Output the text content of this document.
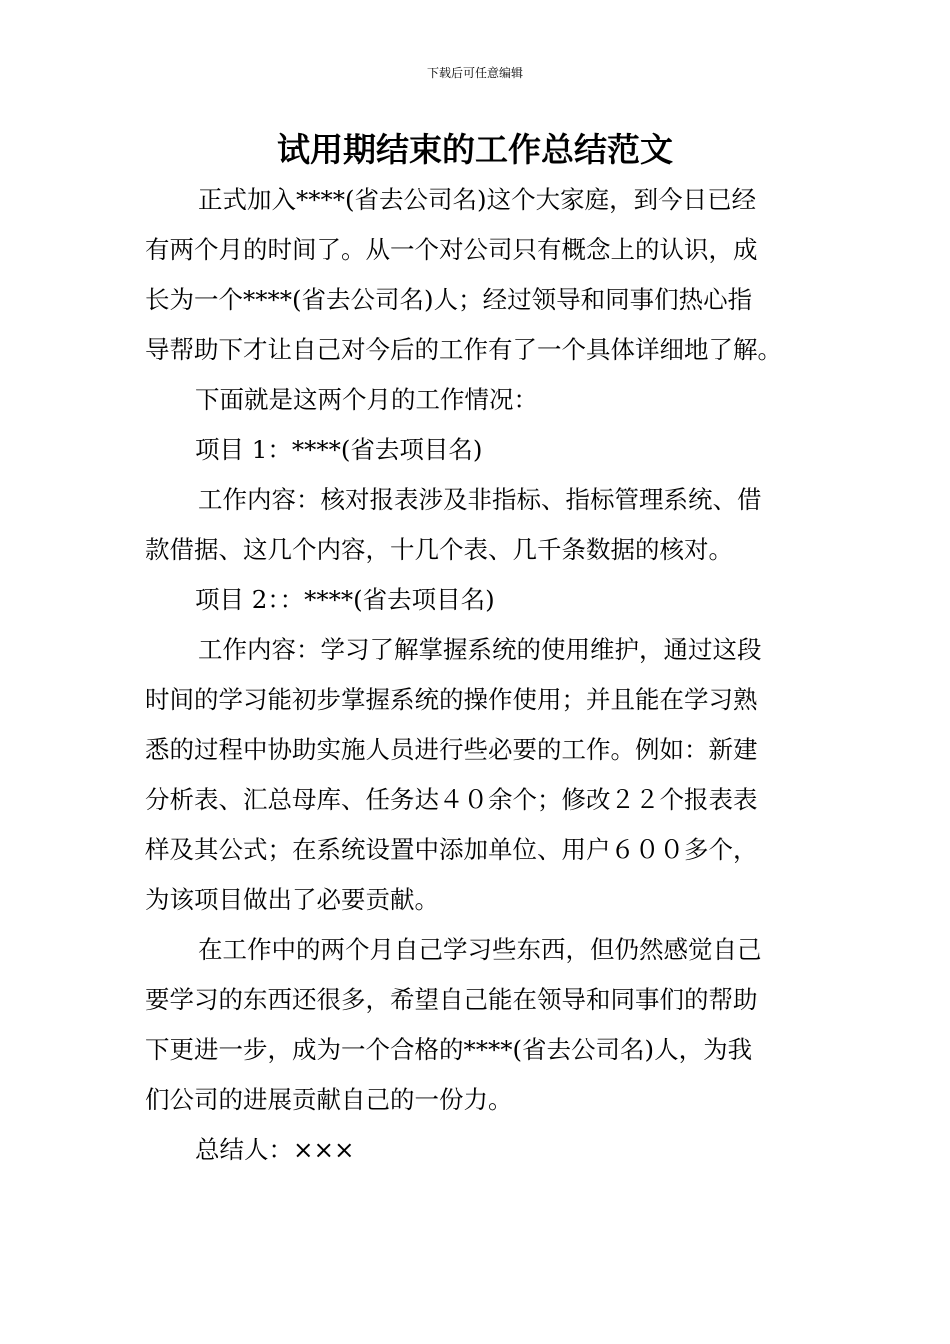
下载后可任意编辑
试用期结束的工作总结范文

正式加入****(省去公司名)这个大家庭，到今日已经
有两个月的时间了。从一个对公司只有概念上的认识，成
长为一个****(省去公司名)人；经过领导和同事们热心指
导帮助下才让自己对今后的工作有了一个具体详细地了解。

下面就是这两个月的工作情况：

项目 1：****(省去项目名)

工作内容：核对报表涉及非指标、指标管理系统、借
款借据、这几个内容，十几个表、几千条数据的核对。

项目 2：：****(省去项目名)

工作内容：学习了解掌握系统的使用维护，通过这段
时间的学习能初步掌握系统的操作使用；并且能在学习熟
悉的过程中协助实施人员进行些必要的工作。例如：新建
分析表、汇总母库、任务达４０余个；修改２２个报表表
样及其公式；在系统设置中添加单位、用户６００多个，
为该项目做出了必要贡献。

在工作中的两个月自己学习些东西，但仍然感觉自己
要学习的东西还很多，希望自己能在领导和同事们的帮助
下更进一步，成为一个合格的****(省去公司名)人，为我
们公司的进展贡献自己的一份力。

总结人：×××
